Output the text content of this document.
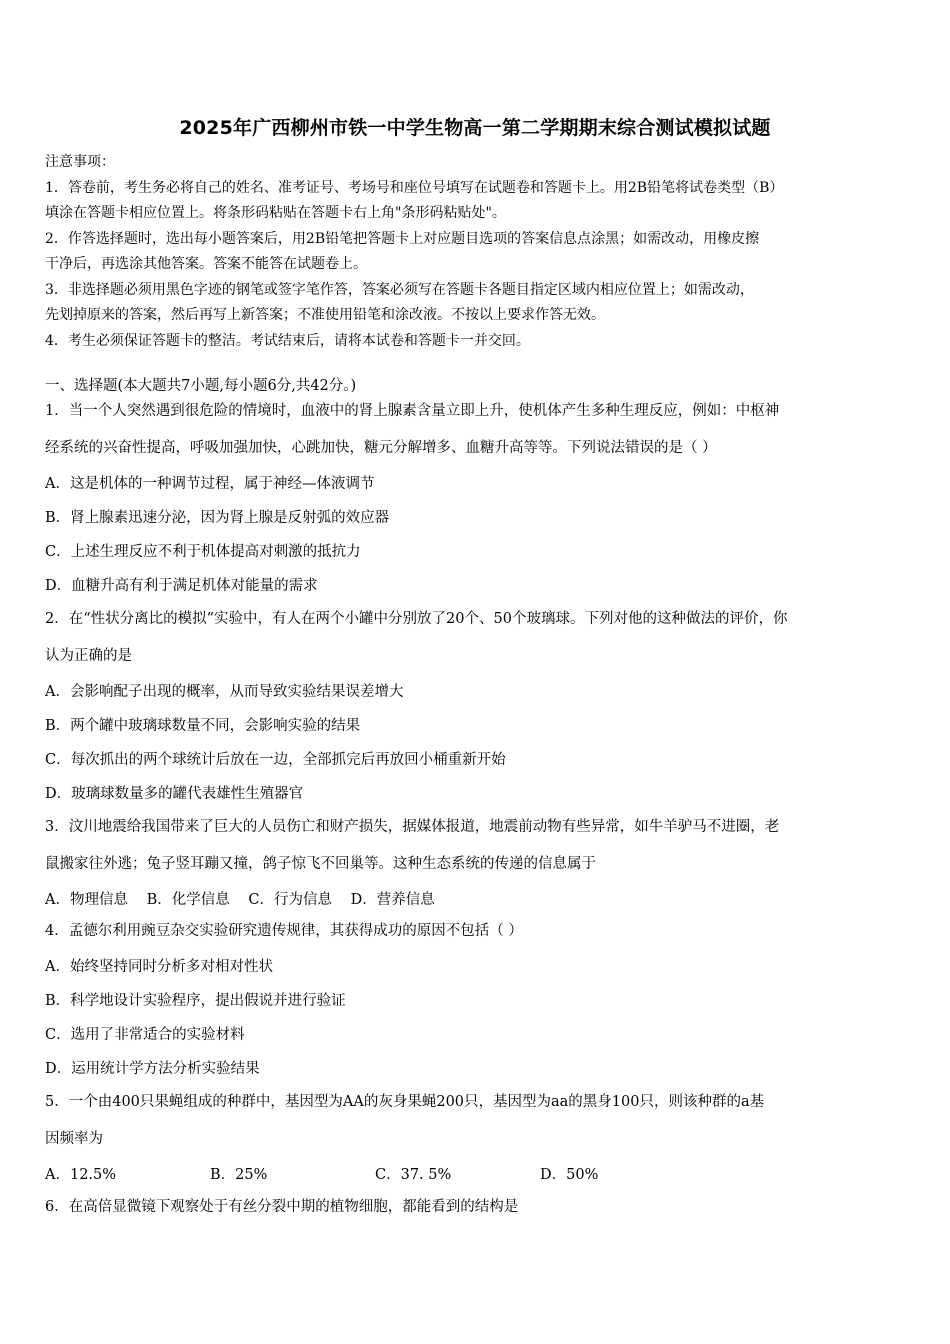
2025年广西柳州市铁一中学生物高一第二学期期末综合测试模拟试题

注意事项：

1．答卷前，考生务必将自己的姓名、准考证号、考场号和座位号填写在试题卷和答题卡上。用2B铅笔将试卷类型（B）

填涂在答题卡相应位置上。将条形码粘贴在答题卡右上角"条形码粘贴处"。

2．作答选择题时，选出每小题答案后，用2B铅笔把答题卡上对应题目选项的答案信息点涂黑；如需改动，用橡皮擦

干净后，再选涂其他答案。答案不能答在试题卷上。

3．非选择题必须用黑色字迹的钢笔或签字笔作答，答案必须写在答题卡各题目指定区域内相应位置上；如需改动，

先划掉原来的答案，然后再写上新答案；不准使用铅笔和涂改液。不按以上要求作答无效。

4．考生必须保证答题卡的整洁。考试结束后，请将本试卷和答题卡一并交回。

一、选择题(本大题共7小题,每小题6分,共42分。)

1．当一个人突然遇到很危险的情境时，血液中的肾上腺素含量立即上升，使机体产生多种生理反应，例如：中枢神

经系统的兴奋性提高，呼吸加强加快，心跳加快，糖元分解增多、血糖升高等等。下列说法错误的是（ ）

A．这是机体的一种调节过程，属于神经—体液调节

B．肾上腺素迅速分泌，因为肾上腺是反射弧的效应器

C．上述生理反应不利于机体提高对刺激的抵抗力

D．血糖升高有利于满足机体对能量的需求

2．在“性状分离比的模拟”实验中，有人在两个小罐中分别放了20个、50个玻璃球。下列对他的这种做法的评价，你

认为正确的是

A．会影响配子出现的概率，从而导致实验结果误差增大

B．两个罐中玻璃球数量不同，会影响实验的结果

C．每次抓出的两个球统计后放在一边，全部抓完后再放回小桶重新开始

D．玻璃球数量多的罐代表雄性生殖器官

3．汶川地震给我国带来了巨大的人员伤亡和财产损失，据媒体报道，地震前动物有些异常，如牛羊驴马不进圈，老

鼠搬家往外逃；兔子竖耳蹦又撞，鸽子惊飞不回巢等。这种生态系统的传递的信息属于

A．物理信息 B．化学信息 C．行为信息 D．营养信息

4．孟德尔利用豌豆杂交实验研究遗传规律，其获得成功的原因不包括（ ）

A．始终坚持同时分析多对相对性状

B．科学地设计实验程序，提出假说并进行验证

C．选用了非常适合的实验材料

D．运用统计学方法分析实验结果

5．一个由400只果蝇组成的种群中，基因型为AA的灰身果蝇200只，基因型为aa的黑身100只，则该种群的a基

因频率为

A．12.5%	B．25%	C．37. 5%	D．50%

6．在高倍显微镜下观察处于有丝分裂中期的植物细胞，都能看到的结构是
